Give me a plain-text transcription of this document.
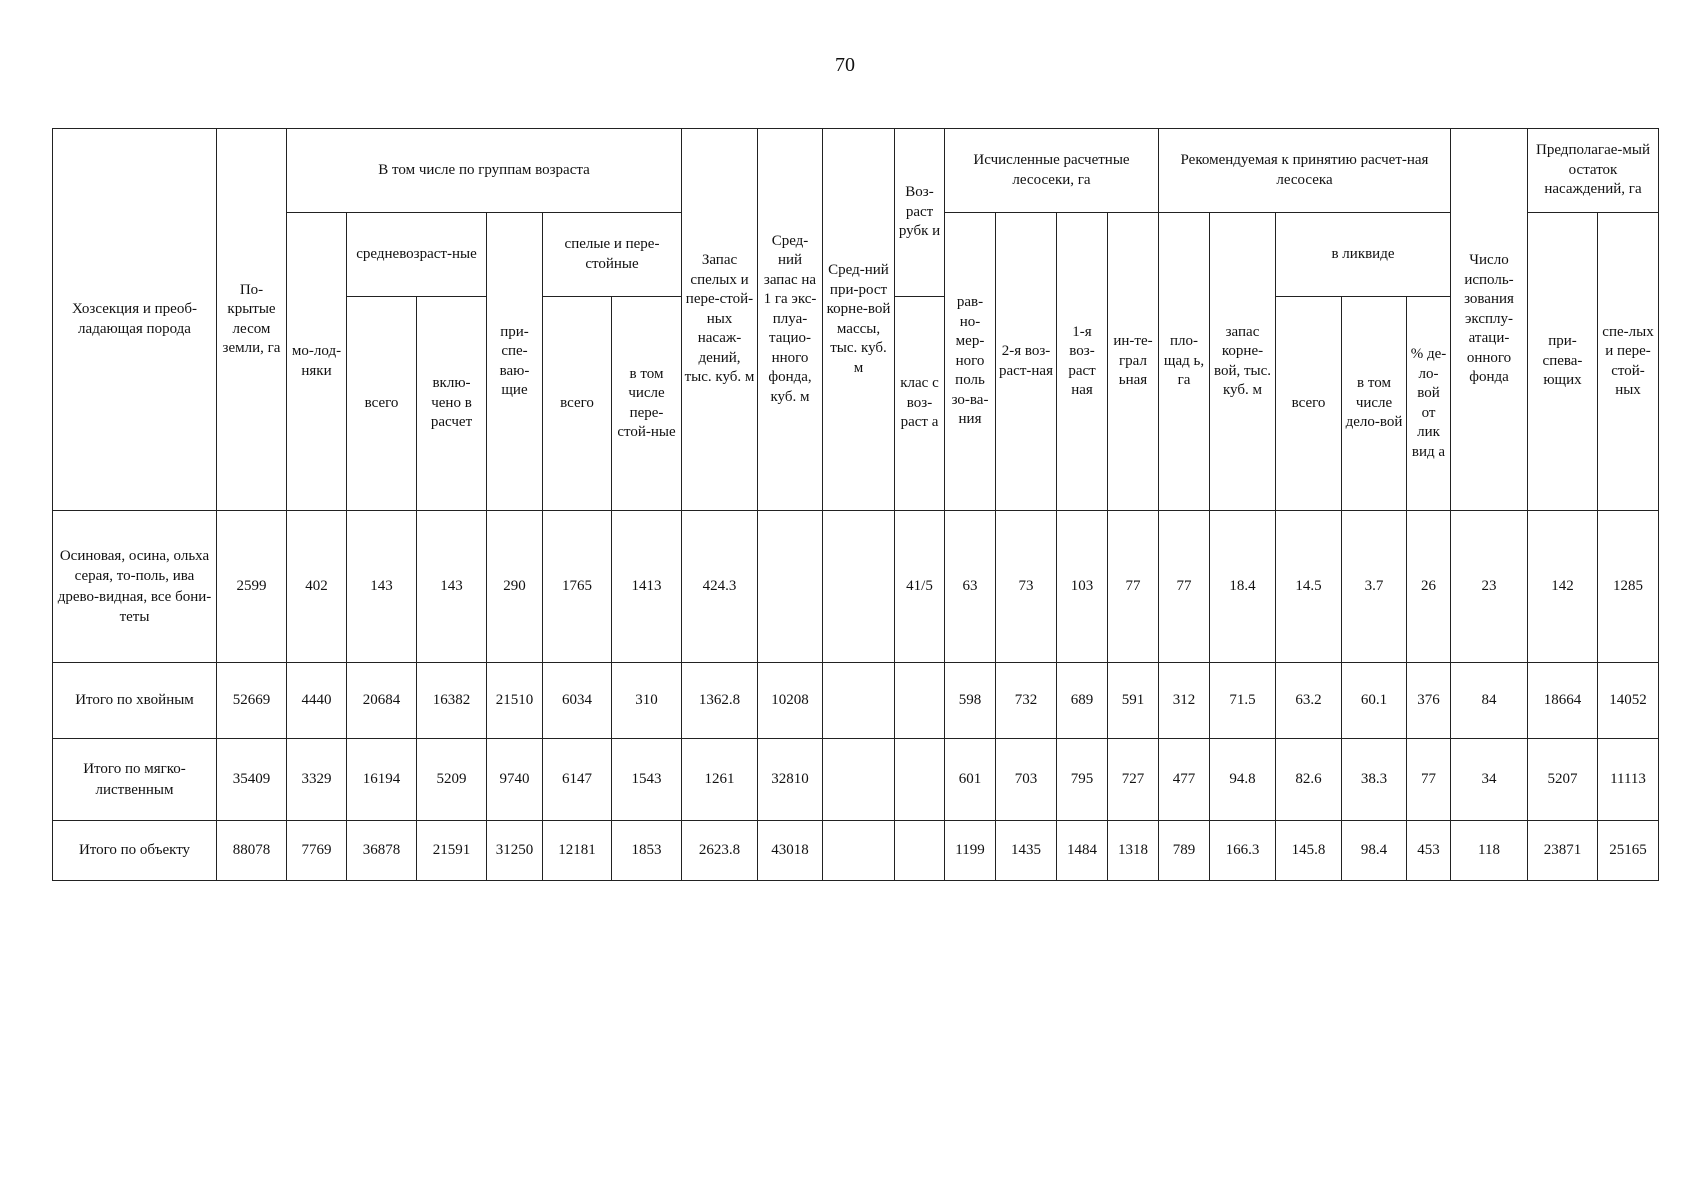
70
Хозсекция и преоб-ладающая порода	По-крытые лесом земли, га	В том числе по группам возраста						Запас спелых и пере-стой-ных насаж-дений, тыс. куб. м	Сред-ний запас на 1 га экс-плуа-тацио-нного фонда, куб. м	Сред-ний при-рост корне-вой массы, тыс. куб. м	Воз-раст рубк и	Исчисленные расчетные лесосеки, га				Рекомендуемая к принятию расчет-ная лесосека					Число исполь-зования эксплу-атаци-онного фонда	Предполагае-мый остаток насаждений, га	
		мо-лод-няки	средневозраст-ные		при-спе-ваю-щие	спелые и пере-стойные						рав-но-мер-ного поль зо-ва-ния	2-я воз-раст-ная	1-я воз-раст ная	ин-те-грал ьная	пло-щад ь, га	запас корне-вой, тыс. куб. м	в ликвиде				при-спева-ющих	спе-лых и пере-стой-ных
			всего	вклю-чено в расчет		всего	в том числе пере-стой-ные				клас с воз-раст а							всего	в том числе дело-вой	% де-ло-вой от лик вид а			
Осиновая, осина, ольха серая, то-поль, ива древо-видная, все бони-теты	2599	402	143	143	290	1765	1413	424.3			41/5	63	73	103	77	77	18.4	14.5	3.7	26	23	142	1285
Итого по хвойным	52669	4440	20684	16382	21510	6034	310	1362.8	10208			598	732	689	591	312	71.5	63.2	60.1	376	84	18664	14052
Итого по мягко-лиственным	35409	3329	16194	5209	9740	6147	1543	1261	32810			601	703	795	727	477	94.8	82.6	38.3	77	34	5207	11113
Итого по объекту	88078	7769	36878	21591	31250	12181	1853	2623.8	43018			1199	1435	1484	1318	789	166.3	145.8	98.4	453	118	23871	25165
